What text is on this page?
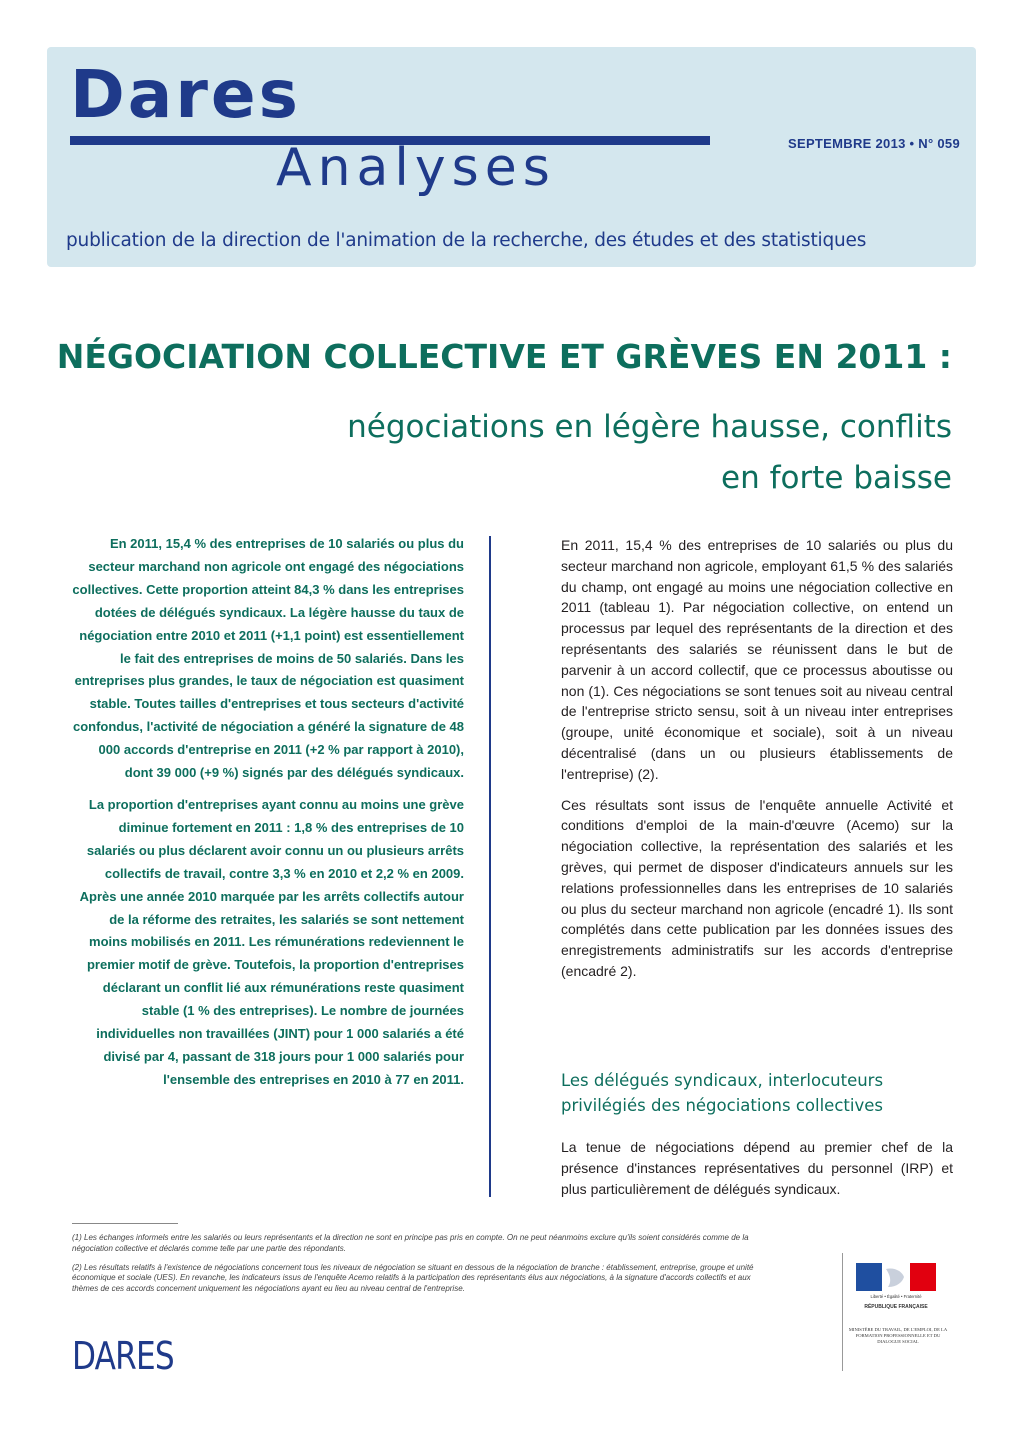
Dares
Analyses	SEPTEMBRE 2013 • N° 059
publication de la direction de l'animation de la recherche, des études et des statistiques
NÉGOCIATION COLLECTIVE ET GRÈVES EN 2011 :
négociations en légère hausse, conflits en forte baisse

En 2011, 15,4 % des entreprises de 10 salariés ou plus du secteur marchand non agricole ont engagé des négociations collectives. Cette proportion atteint 84,3 % dans les entreprises dotées de délégués syndicaux. La légère hausse du taux de négociation entre 2010 et 2011 (+1,1 point) est essentiellement le fait des entreprises de moins de 50 salariés. Dans les entreprises plus grandes, le taux de négociation est quasiment stable. Toutes tailles d'entreprises et tous secteurs d'activité confondus, l'activité de négociation a généré la signature de 48 000 accords d'entreprise en 2011 (+2 % par rapport à 2010), dont 39 000 (+9 %) signés par des délégués syndicaux.

La proportion d'entreprises ayant connu au moins une grève diminue fortement en 2011 : 1,8 % des entreprises de 10 salariés ou plus déclarent avoir connu un ou plusieurs arrêts collectifs de travail, contre 3,3 % en 2010 et 2,2 % en 2009. Après une année 2010 marquée par les arrêts collectifs autour de la réforme des retraites, les salariés se sont nettement moins mobilisés en 2011. Les rémunérations redeviennent le premier motif de grève. Toutefois, la proportion d'entreprises déclarant un conflit lié aux rémunérations reste quasiment stable (1 % des entreprises). Le nombre de journées individuelles non travaillées (JINT) pour 1 000 salariés a été divisé par 4, passant de 318 jours pour 1 000 salariés pour l'ensemble des entreprises en 2010 à 77 en 2011.

En 2011, 15,4 % des entreprises de 10 salariés ou plus du secteur marchand non agricole, employant 61,5 % des salariés du champ, ont engagé au moins une négociation collective en 2011 (tableau 1). Par négociation collective, on entend un processus par lequel des représentants de la direction et des représentants des salariés se réunissent dans le but de parvenir à un accord collectif, que ce processus aboutisse ou non (1). Ces négociations se sont tenues soit au niveau central de l'entreprise stricto sensu, soit à un niveau inter entreprises (groupe, unité économique et sociale), soit à un niveau décentralisé (dans un ou plusieurs établissements de l'entreprise) (2).

Ces résultats sont issus de l'enquête annuelle Activité et conditions d'emploi de la main-d'œuvre (Acemo) sur la négociation collective, la représentation des salariés et les grèves, qui permet de disposer d'indicateurs annuels sur les relations professionnelles dans les entreprises de 10 salariés ou plus du secteur marchand non agricole (encadré 1). Ils sont complétés dans cette publication par les données issues des enregistrements administratifs sur les accords d'entreprise (encadré 2).

Les délégués syndicaux, interlocuteurs privilégiés des négociations collectives
La tenue de négociations dépend au premier chef de la présence d'instances représentatives du personnel (IRP) et plus particulièrement de délégués syndicaux.

(1) Les échanges informels entre les salariés ou leurs représentants et la direction ne sont en principe pas pris en compte. On ne peut néanmoins exclure qu'ils soient considérés comme de la négociation collective et déclarés comme telle par une partie des répondants.

(2) Les résultats relatifs à l'existence de négociations concernent tous les niveaux de négociation se situant en dessous de la négociation de branche : établissement, entreprise, groupe et unité économique et sociale (UES). En revanche, les indicateurs issus de l'enquête Acemo relatifs à la participation des représentants élus aux négociations, à la signature d'accords collectifs et aux thèmes de ces accords concernent uniquement les négociations ayant eu lieu au niveau central de l'entreprise.

DARES
Liberté • Égalité • Fraternité
RÉPUBLIQUE FRANÇAISE
MINISTÈRE DU TRAVAIL, DE L'EMPLOI, DE LA FORMATION PROFESSIONNELLE ET DU DIALOGUE SOCIAL
